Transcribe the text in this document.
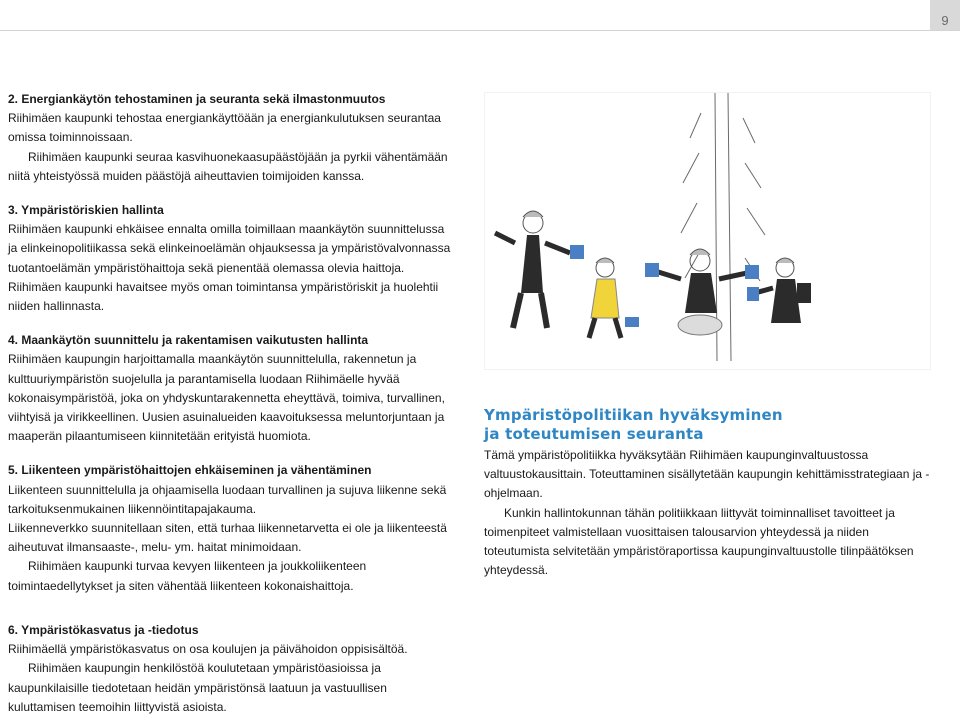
9

2. Energiankäytön tehostaminen ja seuranta sekä ilmastonmuutos

Riihimäen kaupunki tehostaa energiankäyttöään ja energiankulutuksen seurantaa omissa toiminnoissaan.

Riihimäen kaupunki seuraa kasvihuonekaasupäästöjään ja pyrkii vähentämään niitä yhteistyössä muiden päästöjä aiheuttavien toimijoiden kanssa.

3. Ympäristöriskien hallinta

Riihimäen kaupunki ehkäisee ennalta omilla toimillaan maankäytön suunnittelussa ja elinkeinopolitiikassa sekä elinkeinoelämän ohjauksessa ja ympäristövalvonnassa tuotantoelämän ympäristöhaittoja sekä pienentää olemassa olevia haittoja. Riihimäen kaupunki havaitsee myös oman toimintansa ympäristöriskit ja huolehtii niiden hallinnasta.

4. Maankäytön suunnittelu ja rakentamisen vaikutusten hallinta

Riihimäen kaupungin harjoittamalla maankäytön suunnittelulla, rakennetun ja kulttuuriympäristön suojelulla ja parantamisella luodaan Riihimäelle hyvää kokonaisympäristöä, joka on yhdyskuntarakennetta eheyttävä, toimiva, turvallinen, viihtyisä ja virikkeellinen. Uusien asuinalueiden kaavoituksessa meluntorjuntaan ja maaperän pilaantumiseen kiinnitetään erityistä huomiota.

5. Liikenteen ympäristöhaittojen ehkäiseminen ja vähentäminen

Liikenteen suunnittelulla ja ohjaamisella luodaan turvallinen ja sujuva liikenne sekä tarkoituksenmukainen liikennöintitapajakauma.

Liikenneverkko suunnitellaan siten, että turhaa liikennetarvetta ei ole ja liikenteestä aiheutuvat ilmansaaste-, melu- ym. haitat minimoidaan.

Riihimäen kaupunki turvaa kevyen liikenteen ja joukkoliikenteen toimintaedellytykset ja siten vähentää liikenteen kokonaishaittoja.

6. Ympäristökasvatus ja -tiedotus

Riihimäellä ympäristökasvatus on osa koulujen ja päivähoidon oppisisältöä.

Riihimäen kaupungin henkilöstöä koulutetaan ympäristöasioissa ja kaupunkilaisille tiedotetaan heidän ympäristönsä laatuun ja vastuullisen kuluttamisen teemoihin liittyvistä asioista.

Ympäristöpolitiikan hyväksyminen
ja toteutumisen seuranta

Tämä ympäristöpolitiikka hyväksytään Riihimäen kaupunginvaltuustossa valtuustokausittain. Toteuttaminen sisällytetään kaupungin kehittämisstrategiaan ja -ohjelmaan.

Kunkin hallintokunnan tähän politiikkaan liittyvät toiminnalliset tavoitteet ja toimenpiteet valmistellaan vuosittaisen talousarvion yhteydessä ja niiden toteutumista selvitetään ympäristöraportissa kaupunginvaltuustolle tilinpäätöksen yhteydessä.
